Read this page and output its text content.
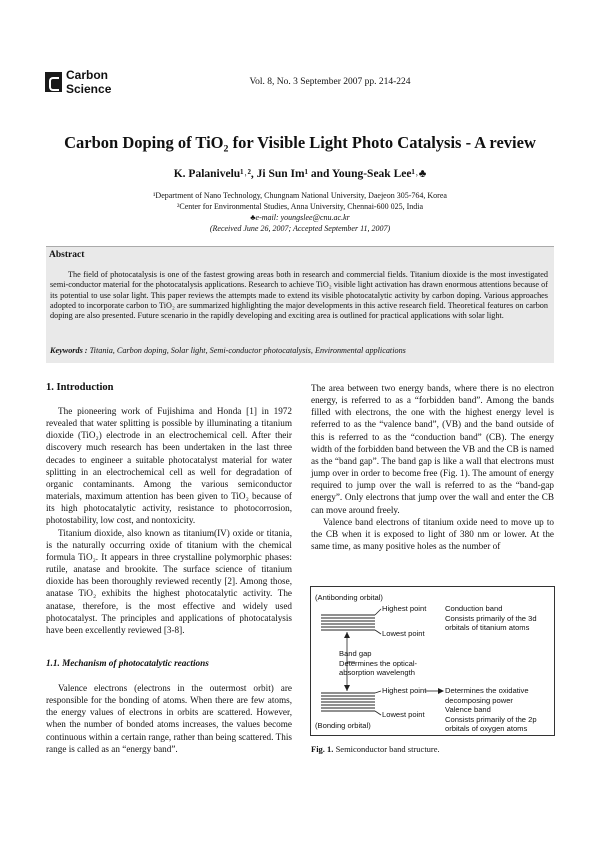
Carbon
Science	Vol. 8, No. 3 September 2007 pp. 214-224
Carbon Doping of TiO₂ for Visible Light Photo Catalysis - A review
K. Palanivelu¹˒², Ji Sun Im¹ and Young-Seak Lee¹˒♣
¹Department of Nano Technology, Chungnam National University, Daejeon 305-764, Korea
²Center for Environmental Studies, Anna University, Chennai-600 025, India
♣e-mail: youngslee@cnu.ac.kr
(Received June 26, 2007; Accepted September 11, 2007)
Abstract
The field of photocatalysis is one of the fastest growing areas both in research and commercial fields. Titanium dioxide is the most investigated semi-conductor material for the photocatalysis applications. Research to achieve TiO₂ visible light activation has drawn enormous attentions because of its potential to use solar light. This paper reviews the attempts made to extend its visible photocatalytic activity by carbon doping. Various approaches adopted to incorporate carbon to TiO₂ are summarized highlighting the major developments in this active research field. Theoretical features on carbon doping are also presented. Future scenario in the rapidly developing and exciting area is outlined for practical applications with solar light.
Keywords : Titania, Carbon doping, Solar light, Semi-conductor photocatalysis, Environmental applications
1. Introduction

The pioneering work of Fujishima and Honda [1] in 1972 revealed that water splitting is possible by illuminating a titanium dioxide (TiO₂) electrode in an electrochemical cell. After their discovery much research has been undertaken in the last three decades to engineer a suitable photocatalyst material for water splitting in an electrochemical cell as well for degradation of organic contaminants. Among the various semiconductor materials, maximum attention has been given to TiO₂ because of its high photocatalytic activity, resistance to photocorrosion, photostability, low cost, and nontoxicity.

Titanium dioxide, also known as titanium(IV) oxide or titania, is the naturally occurring oxide of titanium with the chemical formula TiO₂. It appears in three crystalline polymorphic phases: rutile, anatase and brookite. The surface science of titanium dioxide has been thoroughly reviewed recently [2]. Among those, anatase TiO₂ exhibits the highest photocatalytic activity. The anatase, therefore, is the most effective and widely used photocatalyst. The principles and applications of photocatalysis have been excellently reviewed [3-8].

1.1. Mechanism of photocatalytic reactions

Valence electrons (electrons in the outermost orbit) are responsible for the bonding of atoms. When there are few atoms, the energy values of electrons in orbits are scattered. However, when the number of bonded atoms increases, the values become continuous within a certain range, rather than being scattered. This range is called as an “energy band”.

The area between two energy bands, where there is no electron energy, is referred to as a “forbidden band”. Among the bands filled with electrons, the one with the highest energy level is referred to as the “valence band”, (VB) and the band outside of this is referred to as the “conduction band” (CB). The energy width of the forbidden band between the VB and the CB is named as the “band gap”. The band gap is like a wall that electrons must jump over in order to become free (Fig. 1). The amount of energy required to jump over the wall is referred to as the “band-gap energy”. Only electrons that jump over the wall and enter the CB can move around freely.

Valence band electrons of titanium oxide need to move up to the CB when it is exposed to light of 380 nm or lower. At the same time, as many positive holes as the number of

(Antibonding orbital)
(Bonding orbital)
Highest point
Lowest point
Conduction band
Consists primarily of the 3d
orbitals of titanium atoms
Band gap
Determines the optical-
absorption wavelength
Highest point
Lowest point
Determines the oxidative
decomposing power
Valence band
Consists primarily of the 2p
orbitals of oxygen atoms
Fig. 1. Semiconductor band structure.
